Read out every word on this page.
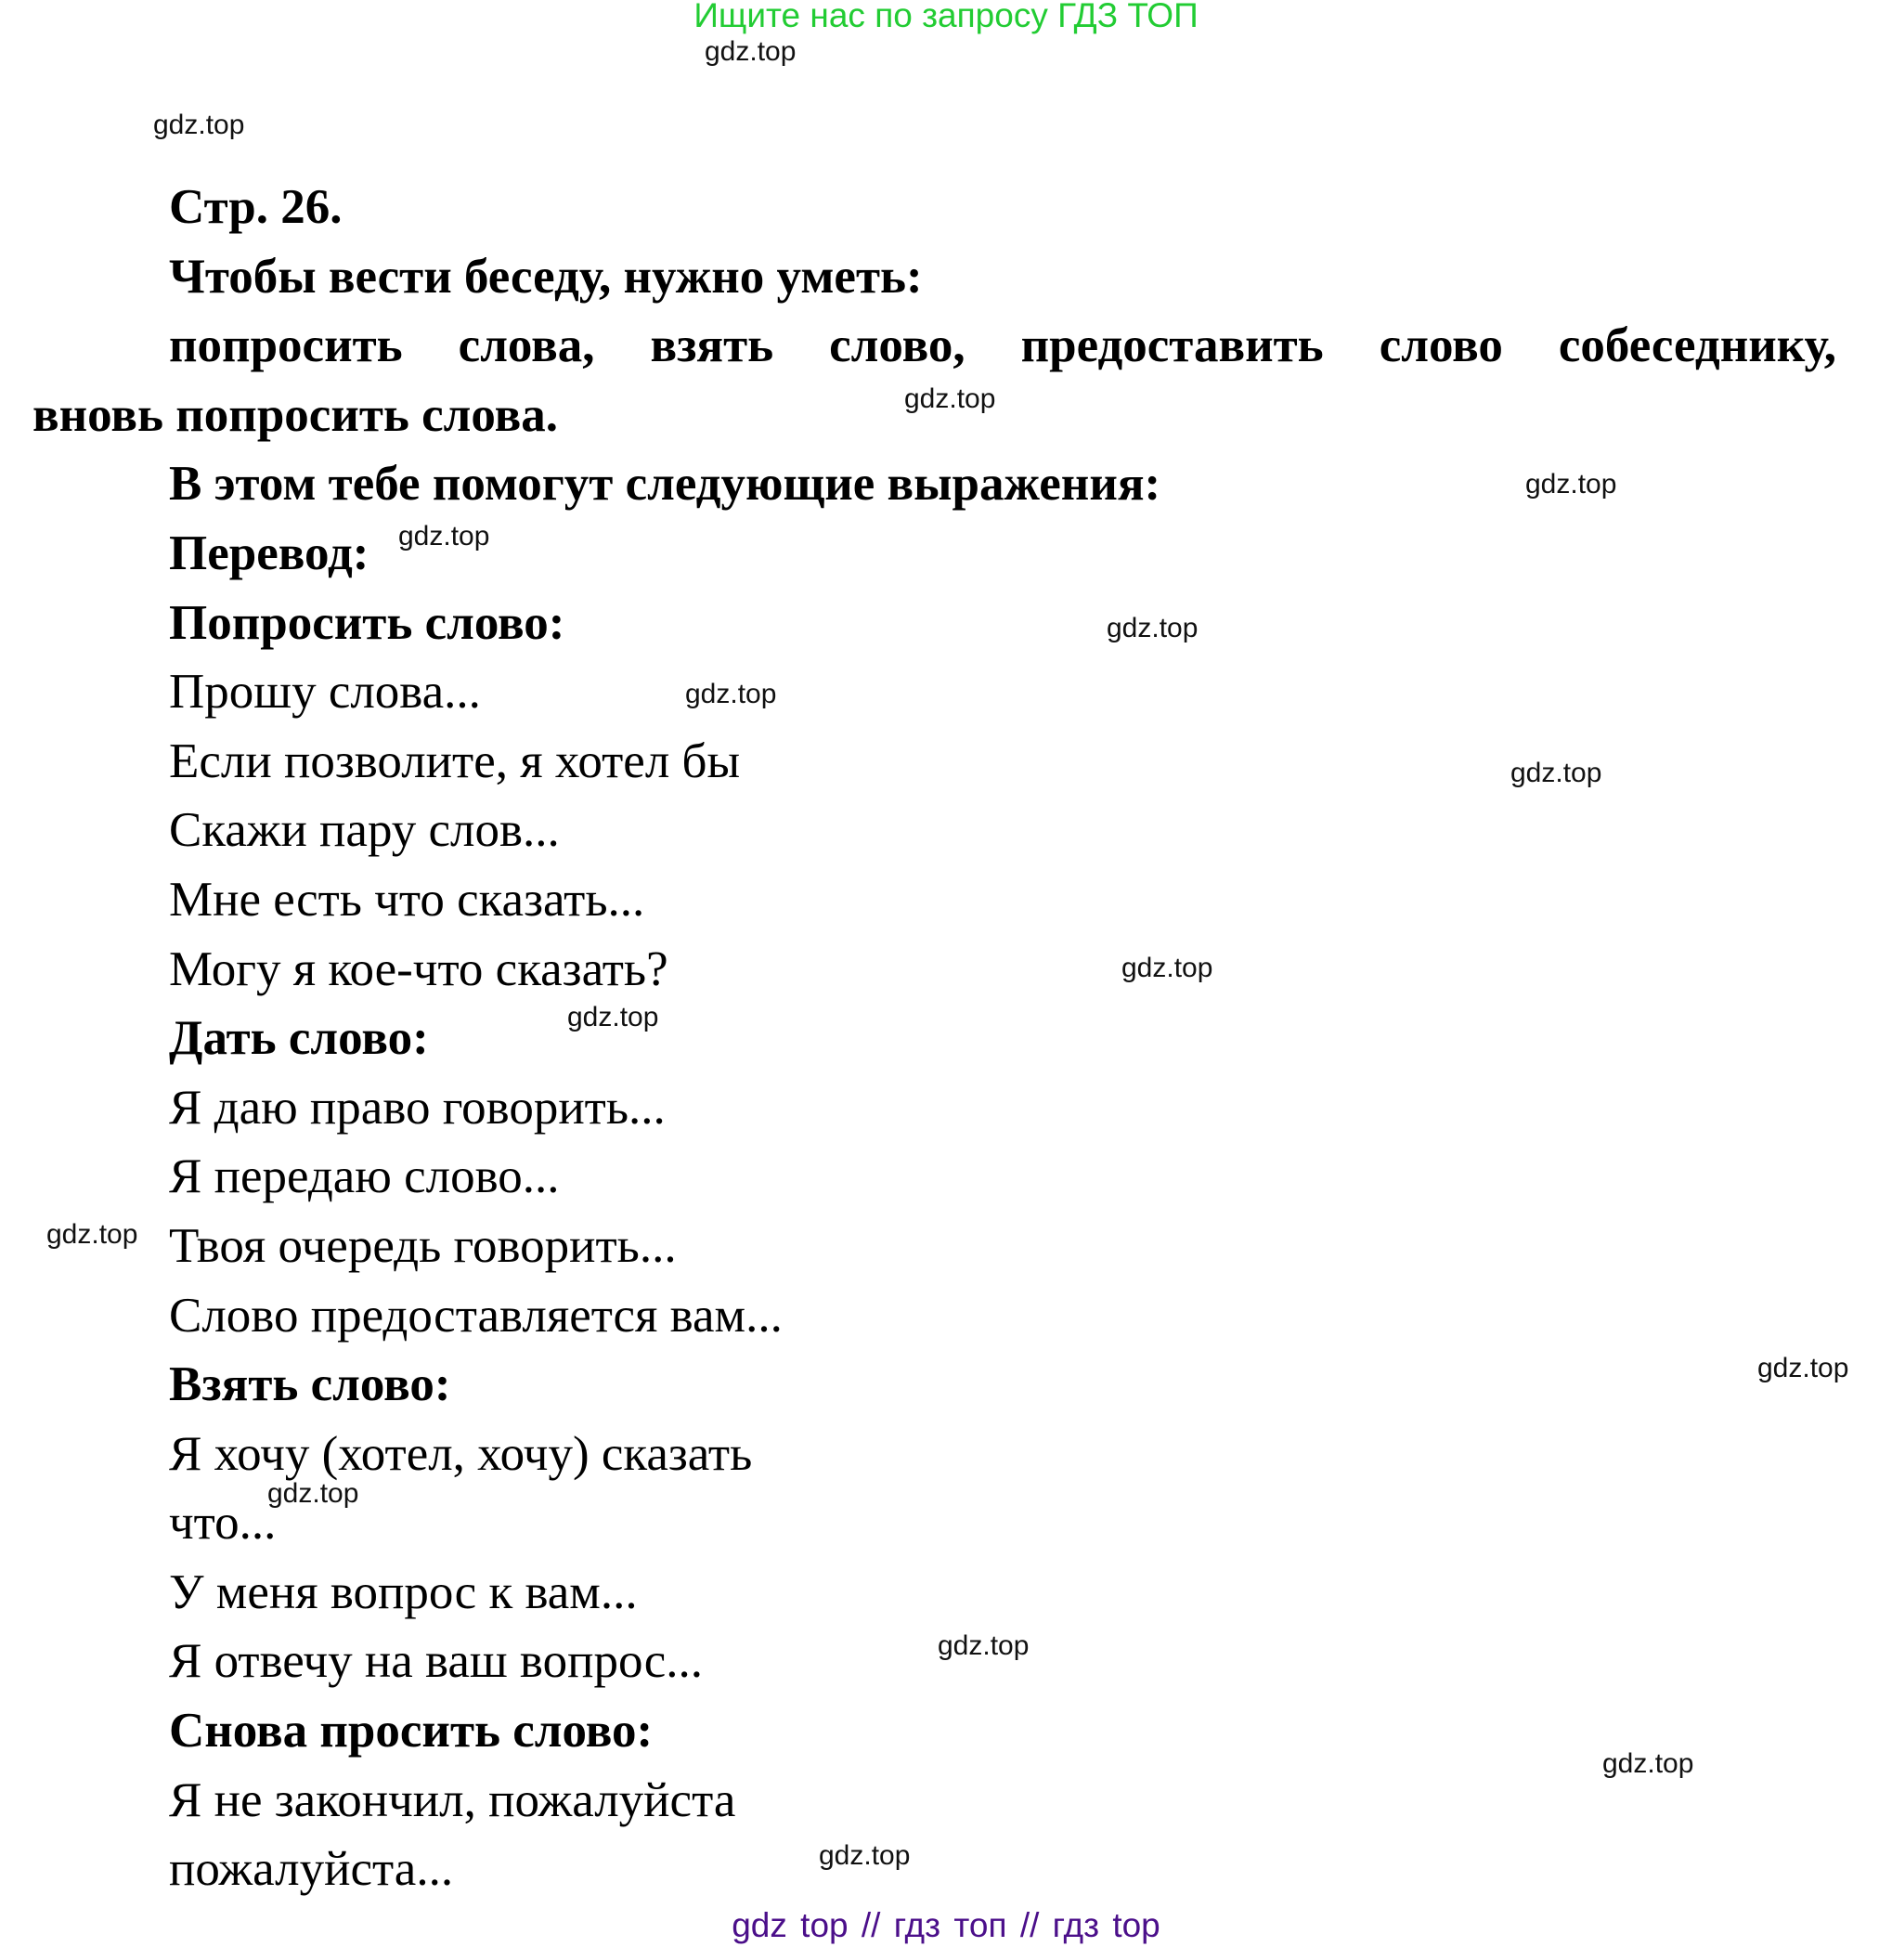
Ищите нас по запросу ГДЗ ТОП
gdz.top
gdz.top
gdz.top
gdz.top
gdz.top
gdz.top
gdz.top
gdz.top
gdz.top
gdz.top
gdz.top
gdz.top
gdz.top
gdz.top
gdz.top
gdz.top
Стр. 26.
Чтобы вести беседу, нужно уметь:
попросить слова, взять слово, предоставить слово собеседнику,
вновь попросить слова.
В этом тебе помогут следующие выражения:
Перевод:
Попросить слово:
Прошу слова...
Если позволите, я хотел бы
Скажи пару слов...
Мне есть что сказать...
Могу я кое-что сказать?
Дать слово:
Я даю право говорить...
Я передаю слово...
Твоя очередь говорить...
Слово предоставляется вам...
Взять слово:
Я хочу (хотел, хочу) сказать
что...
У меня вопрос к вам...
Я отвечу на ваш вопрос...
Снова просить слово:
Я не закончил, пожалуйста
пожалуйста...
gdz top // гдз топ // гдз top
